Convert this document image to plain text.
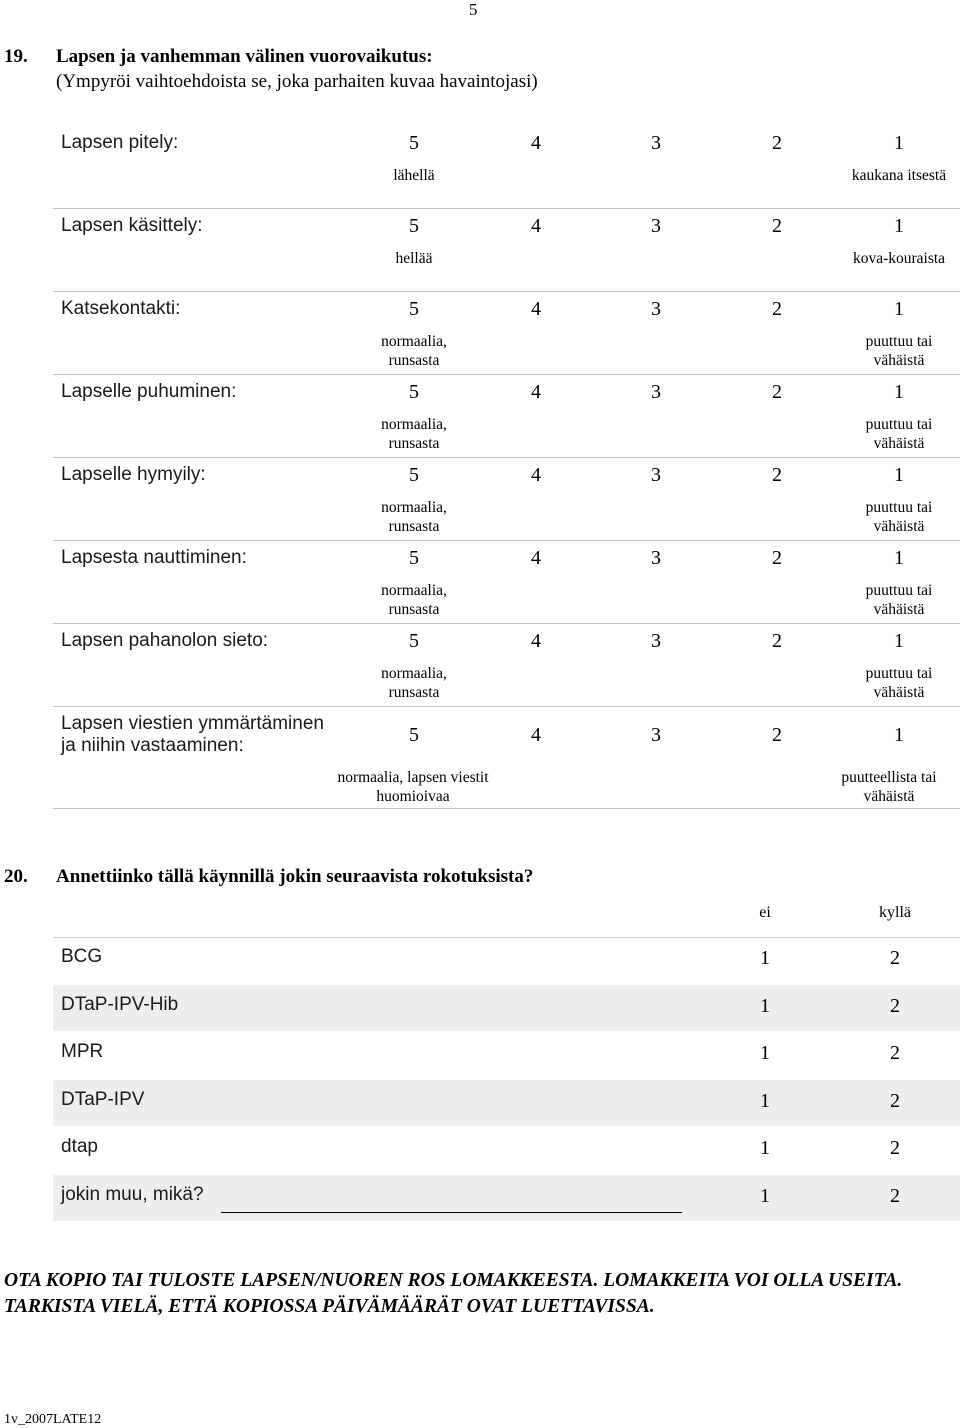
5
19. Lapsen ja vanhemman välinen vuorovaikutus:
(Ympyröi vaihtoehdoista se, joka parhaiten kuvaa havaintojasi)
Lapsen pitely:	5	4	3	2	1
lähellä	kaukana itsestä
Lapsen käsittely:	5	4	3	2	1
hellää	kova-kouraista
Katsekontakti:	5	4	3	2	1
normaalia, runsasta
puuttuu tai vähäistä
Lapselle puhuminen:	5	4	3	2	1
normaalia, runsasta
puuttuu tai vähäistä
Lapselle hymyily:	5	4	3	2	1
normaalia, runsasta
puuttuu tai vähäistä
Lapsesta nauttiminen:	5	4	3	2	1
normaalia, runsasta
puuttuu tai vähäistä
Lapsen pahanolon sieto:	5	4	3	2	1
normaalia, runsasta
puuttuu tai vähäistä
Lapsen viestien ymmärtäminen
ja niihin vastaaminen:	5	4	3	2	1
normaalia, lapsen viestit huomioivaa
puutteellista tai vähäistä
20. Annettiinko tällä käynnillä jokin seuraavista rokotuksista?
ei	kyllä
BCG	1	2
DTaP-IPV-Hib	1	2
MPR	1	2
DTaP-IPV	1	2
dtap	1	2
jokin muu, mikä?	1	2
OTA KOPIO TAI TULOSTE LAPSEN/NUOREN ROS LOMAKKEESTA. LOMAKKEITA VOI OLLA USEITA. TARKISTA VIELÄ, ETTÄ KOPIOSSA PÄIVÄMÄÄRÄT OVAT LUETTAVISSA.
1v_2007LATE12
